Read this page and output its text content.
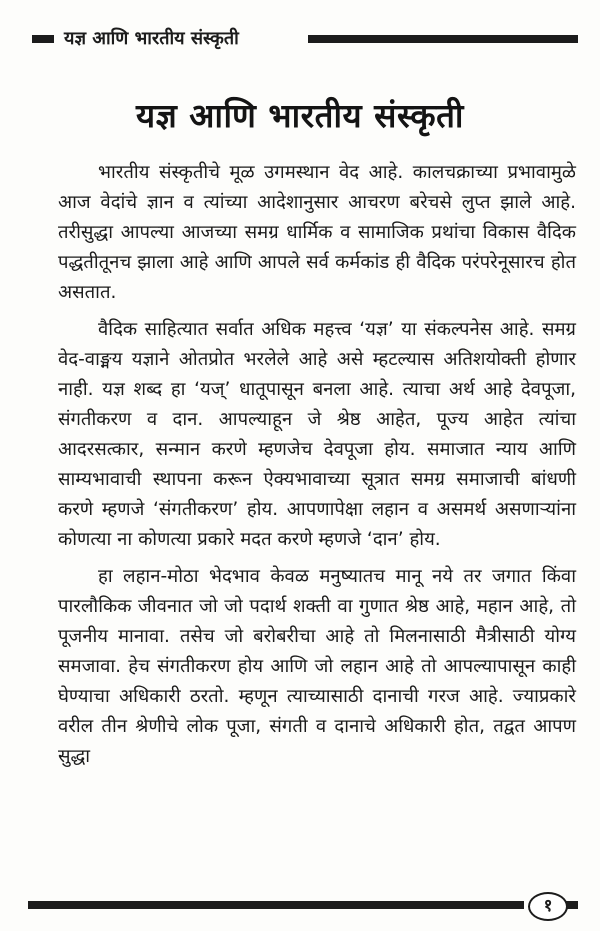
यज्ञ आणि भारतीय संस्कृती
यज्ञ आणि भारतीय संस्कृती

भारतीय संस्कृतीचे मूळ उगमस्थान वेद आहे. कालचक्राच्या प्रभावामुळे आज वेदांचे ज्ञान व त्यांच्या आदेशानुसार आचरण बरेचसे लुप्त झाले आहे. तरीसुद्धा आपल्या आजच्या समग्र धार्मिक व सामाजिक प्रथांचा विकास वैदिक पद्धतीतूनच झाला आहे आणि आपले सर्व कर्मकांड ही वैदिक परंपरेनूसारच होत असतात.

वैदिक साहित्यात सर्वात अधिक महत्त्व ‘यज्ञ’ या संकल्पनेस आहे. समग्र वेद-वाङ्मय यज्ञाने ओतप्रोत भरलेले आहे असे म्हटल्यास अतिशयोक्ती होणार नाही. यज्ञ शब्द हा ‘यज्’ धातूपासून बनला आहे. त्याचा अर्थ आहे देवपूजा, संगतीकरण व दान. आपल्याहून जे श्रेष्ठ आहेत, पूज्य आहेत त्यांचा आदरसत्कार, सन्मान करणे म्हणजेच देवपूजा होय. समाजात न्याय आणि साम्यभावाची स्थापना करून ऐक्यभावाच्या सूत्रात समग्र समाजाची बांधणी करणे म्हणजे ‘संगतीकरण’ होय. आपणापेक्षा लहान व असमर्थ असणाऱ्यांना कोणत्या ना कोणत्या प्रकारे मदत करणे म्हणजे ‘दान’ होय.

हा लहान-मोठा भेदभाव केवळ मनुष्यातच मानू नये तर जगात किंवा पारलौकिक जीवनात जो जो पदार्थ शक्ती वा गुणात श्रेष्ठ आहे, महान आहे, तो पूजनीय मानावा. तसेच जो बरोबरीचा आहे तो मिलनासाठी मैत्रीसाठी योग्य समजावा. हेच संगतीकरण होय आणि जो लहान आहे तो आपल्यापासून काही घेण्याचा अधिकारी ठरतो. म्हणून त्याच्यासाठी दानाची गरज आहे. ज्याप्रकारे वरील तीन श्रेणीचे लोक पूजा, संगती व दानाचे अधिकारी होत, तद्वत आपण सुद्धा

१
